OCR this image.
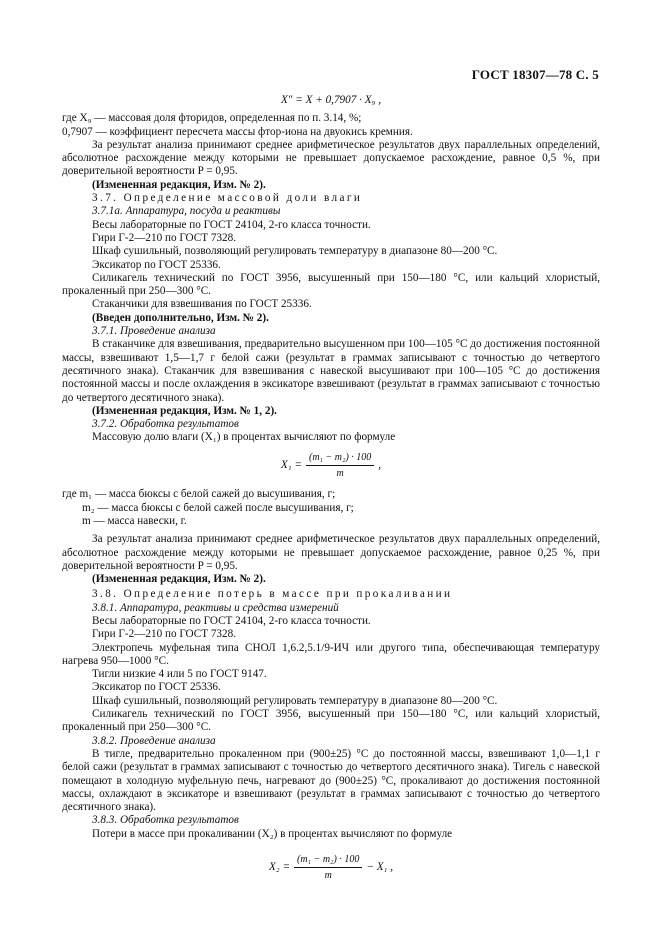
ГОСТ 18307—78 С. 5
X″ = X + 0,7907 · X₉ ,

где X₉ — массовая доля фторидов, определенная по п. 3.14, %;

0,7907 — коэффициент пересчета массы фтор-иона на двуокись кремния.

За результат анализа принимают среднее арифметическое результатов двух параллельных определений, абсолютное расхождение между которыми не превышает допускаемое расхождение, равное 0,5 %, при доверительной вероятности P = 0,95.

(Измененная редакция, Изм. № 2).

3.7. Определение массовой доли влаги

3.7.1а. Аппаратура, посуда и реактивы

Весы лабораторные по ГОСТ 24104, 2-го класса точности.

Гири Г-2—210 по ГОСТ 7328.

Шкаф сушильный, позволяющий регулировать температуру в диапазоне 80—200 °C.

Эксикатор по ГОСТ 25336.

Силикагель технический по ГОСТ 3956, высушенный при 150—180 °C, или кальций хлористый, прокаленный при 250—300 °C.

Стаканчики для взвешивания по ГОСТ 25336.

(Введен дополнительно, Изм. № 2).

3.7.1. Проведение анализа

В стаканчике для взвешивания, предварительно высушенном при 100—105 °C до достижения постоянной массы, взвешивают 1,5—1,7 г белой сажи (результат в граммах записывают с точностью до четвертого десятичного знака). Стаканчик для взвешивания с навеской высушивают при 100—105 °C до достижения постоянной массы и после охлаждения в эксикаторе взвешивают (результат в граммах записывают с точностью до четвертого десятичного знака).

(Измененная редакция, Изм. № 1, 2).

3.7.2. Обработка результатов

Массовую долю влаги (X₁) в процентах вычисляют по формуле

$X_1 = \frac{\text{(m₁ − m₂) · 100}}{m}$ ,

где m₁ — масса бюксы с белой сажей до высушивания, г;

m₂ — масса бюксы с белой сажей после высушивания, г;

m — масса навески, г.

За результат анализа принимают среднее арифметическое результатов двух параллельных определений, абсолютное расхождение между которыми не превышает допускаемое расхождение, равное 0,25 %, при доверительной вероятности P = 0,95.

(Измененная редакция, Изм. № 2).

3.8. Определение потерь в массе при прокаливании

3.8.1. Аппаратура, реактивы и средства измерений

Весы лабораторные по ГОСТ 24104, 2-го класса точности.

Гири Г-2—210 по ГОСТ 7328.

Электропечь муфельная типа СНОЛ 1,6.2,5.1/9-ИЧ или другого типа, обеспечивающая температуру нагрева 950—1000 °C.

Тигли низкие 4 или 5 по ГОСТ 9147.

Эксикатор по ГОСТ 25336.

Шкаф сушильный, позволяющий регулировать температуру в диапазоне 80—200 °C.

Силикагель технический по ГОСТ 3956, высушенный при 150—180 °C, или кальций хлористый, прокаленный при 250—300 °C.

3.8.2. Проведение анализа

В тигле, предварительно прокаленном при (900±25) °C до постоянной массы, взвешивают 1,0—1,1 г белой сажи (результат в граммах записывают с точностью до четвертого десятичного знака). Тигель с навеской помещают в холодную муфельную печь, нагревают до (900±25) °C, прокаливают до достижения постоянной массы, охлаждают в эксикаторе и взвешивают (результат в граммах записывают с точностью до четвертого десятичного знака).

3.8.3. Обработка результатов

Потери в массе при прокаливании (X₂) в процентах вычисляют по формуле

$X_2 = \frac{\text{(m₁ − m₂) · 100}}{m} - X_1$ ,
